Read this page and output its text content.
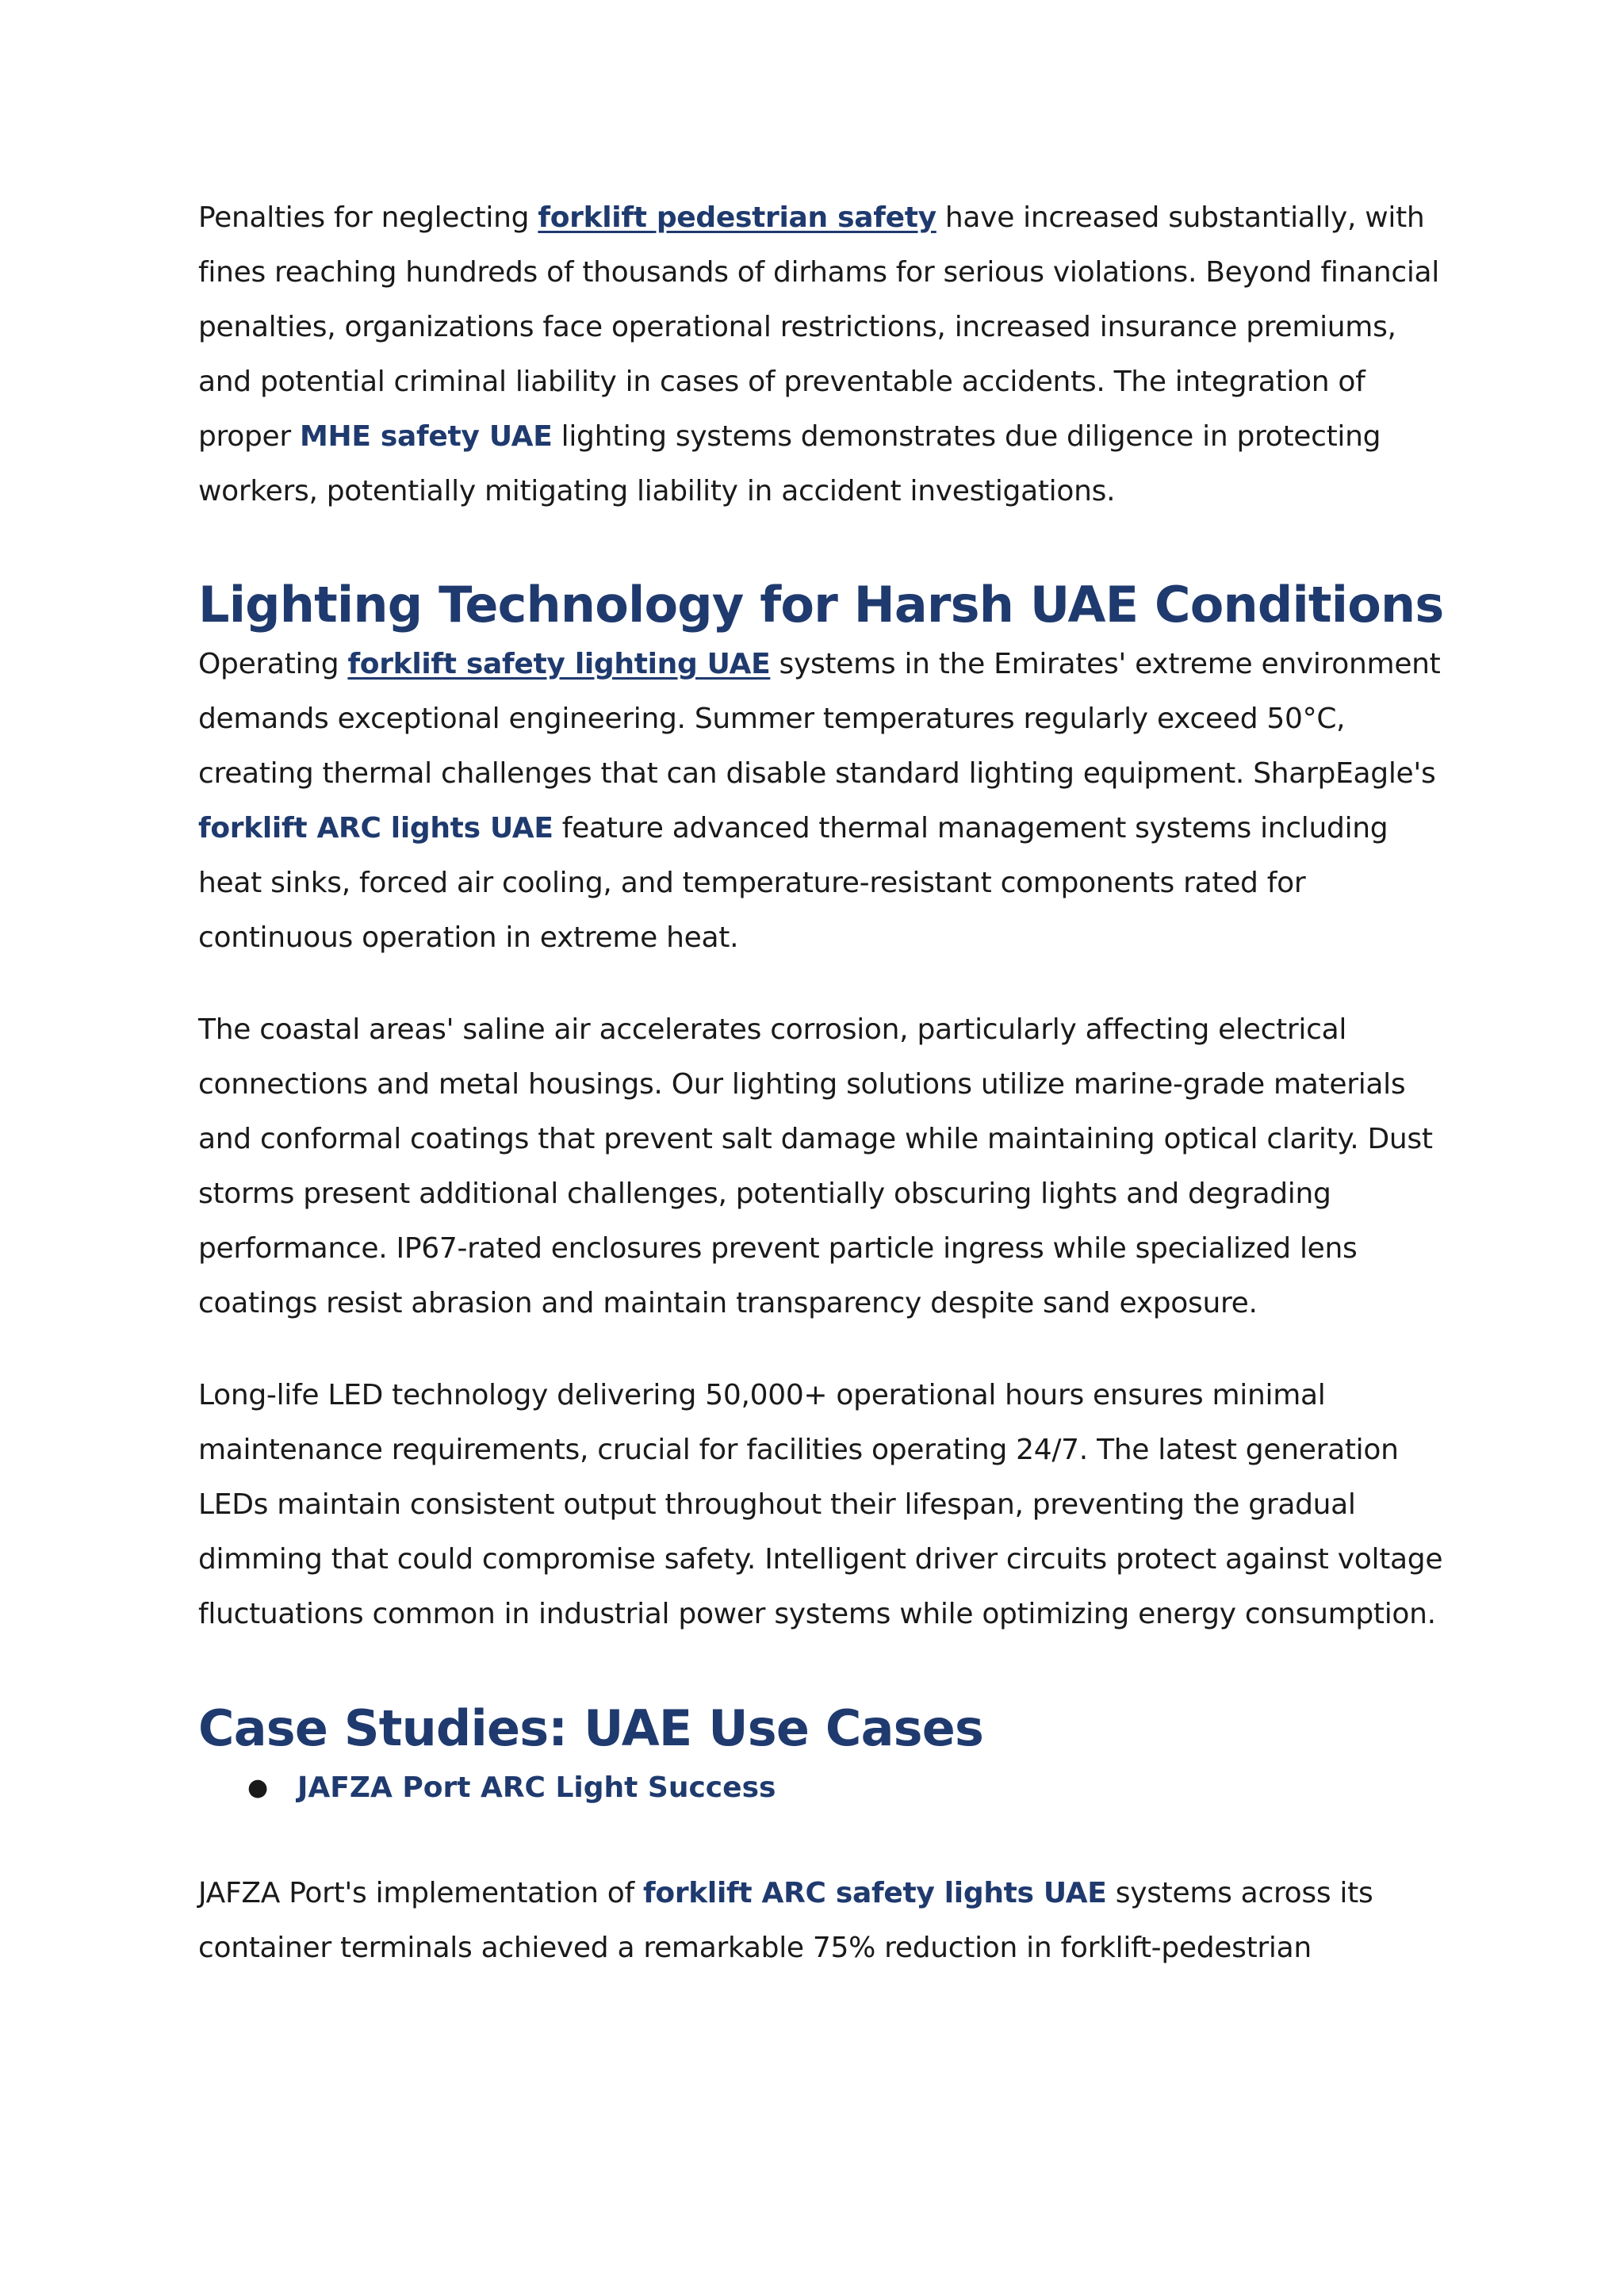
Penalties for neglecting forklift pedestrian safety have increased substantially, with fines reaching hundreds of thousands of dirhams for serious violations. Beyond financial penalties, organizations face operational restrictions, increased insurance premiums, and potential criminal liability in cases of preventable accidents. The integration of proper MHE safety UAE lighting systems demonstrates due diligence in protecting workers, potentially mitigating liability in accident investigations.

Lighting Technology for Harsh UAE Conditions

Operating forklift safety lighting UAE systems in the Emirates' extreme environment demands exceptional engineering. Summer temperatures regularly exceed 50°C, creating thermal challenges that can disable standard lighting equipment. SharpEagle's forklift ARC lights UAE feature advanced thermal management systems including heat sinks, forced air cooling, and temperature-resistant components rated for continuous operation in extreme heat.

The coastal areas' saline air accelerates corrosion, particularly affecting electrical connections and metal housings. Our lighting solutions utilize marine-grade materials and conformal coatings that prevent salt damage while maintaining optical clarity. Dust storms present additional challenges, potentially obscuring lights and degrading performance. IP67-rated enclosures prevent particle ingress while specialized lens coatings resist abrasion and maintain transparency despite sand exposure.

Long-life LED technology delivering 50,000+ operational hours ensures minimal maintenance requirements, crucial for facilities operating 24/7. The latest generation LEDs maintain consistent output throughout their lifespan, preventing the gradual dimming that could compromise safety. Intelligent driver circuits protect against voltage fluctuations common in industrial power systems while optimizing energy consumption.

Case Studies: UAE Use Cases
● JAFZA Port ARC Light Success

JAFZA Port's implementation of forklift ARC safety lights UAE systems across its container terminals achieved a remarkable 75% reduction in forklift-pedestrian
